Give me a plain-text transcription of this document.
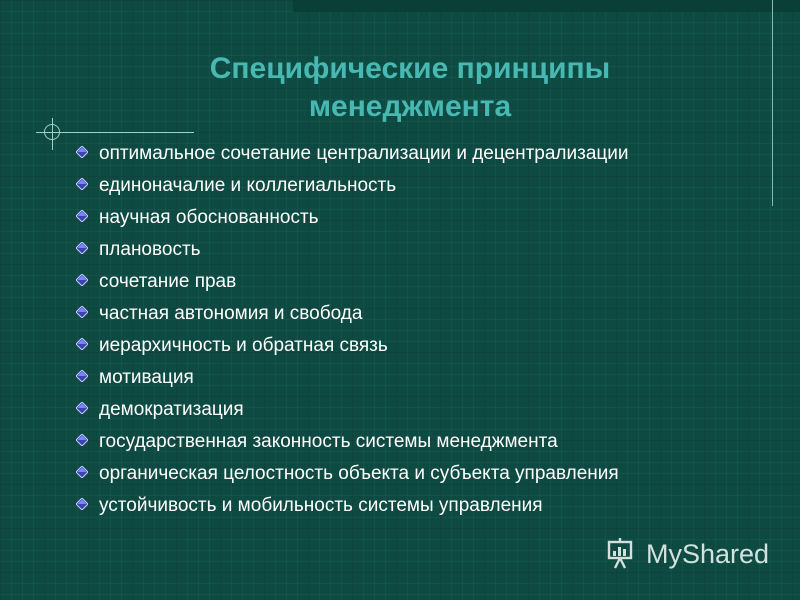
Специфические принципы
менеджмента
оптимальное сочетание централизации и децентрализации
единоначалие и коллегиальность
научная обоснованность
плановость
сочетание прав
частная автономия и свобода
иерархичность и обратная связь
мотивация
демократизация
государственная законность системы менеджмента
органическая целостность объекта и субъекта управления
устойчивость и мобильность системы управления
MyShared
